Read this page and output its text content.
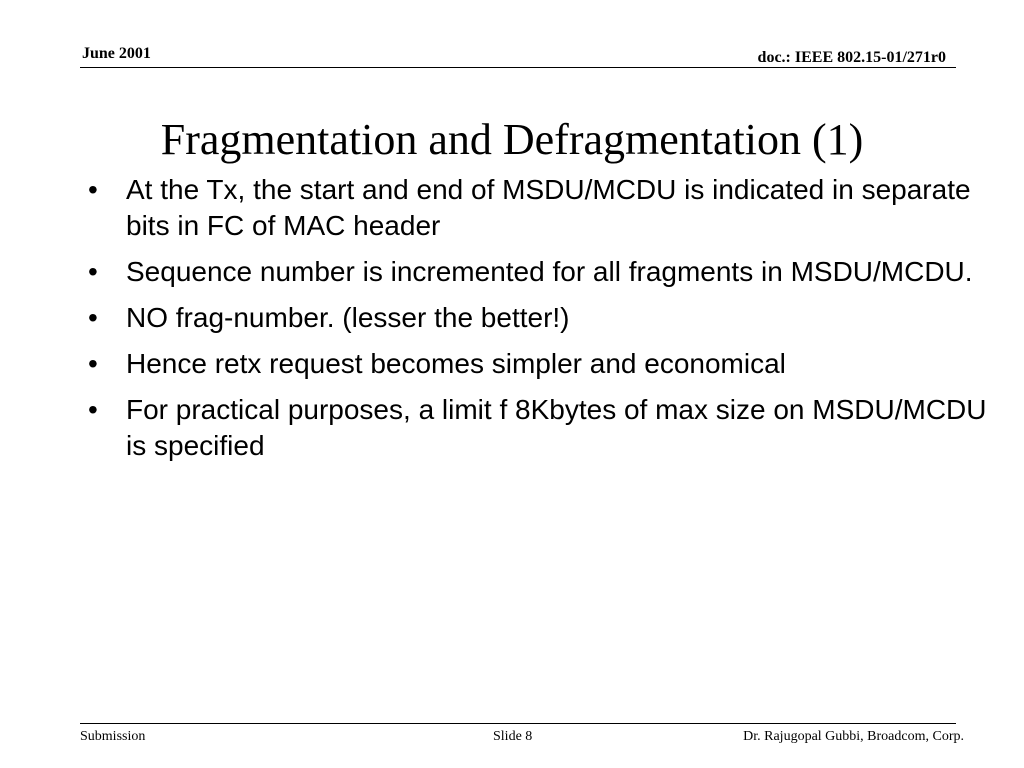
June 2001	doc.: IEEE 802.15-01/271r0
Fragmentation and Defragmentation (1)
• At the Tx, the start and end of MSDU/MCDU is indicated in separate bits in FC of MAC header
• Sequence number is incremented for all fragments in MSDU/MCDU.
• NO frag-number. (lesser the better!)
• Hence retx request becomes simpler and economical
• For practical purposes, a limit f 8Kbytes of max size on MSDU/MCDU is specified
Submission	Slide 8	Dr. Rajugopal Gubbi, Broadcom, Corp.
